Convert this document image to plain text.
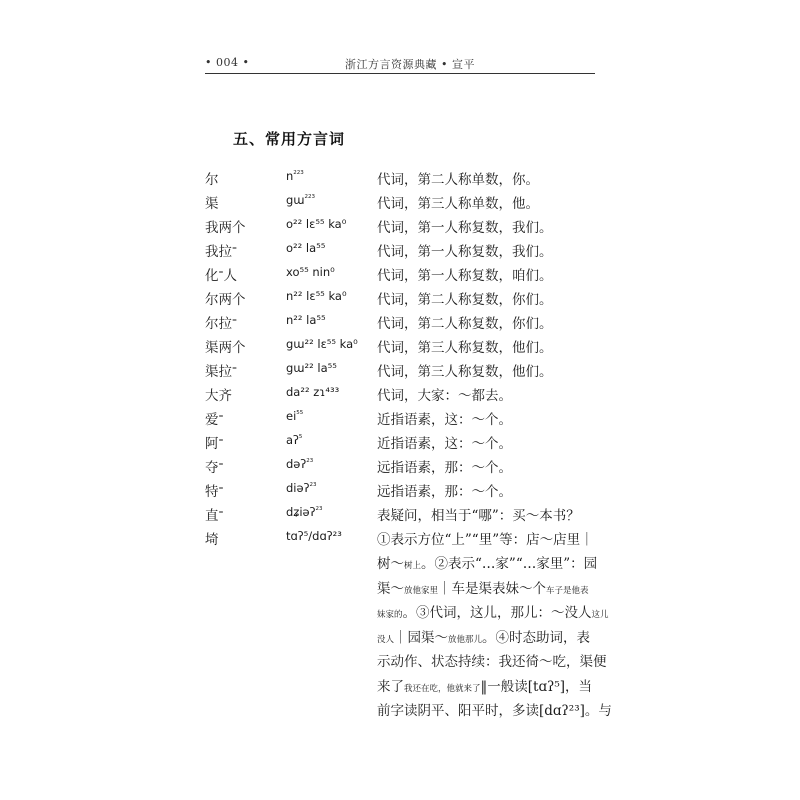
• 004 •	浙江方言资源典藏 • 宣平
五、常用方言词
尔	$n^{223}$	代词，第二人称单数，你。
渠	gɯ$^{223}$	代词，第三人称单数，他。
我两个	o²² lɛ⁵⁵ ka⁰ 代词，第一人称复数，我们。
我拉=	o²² la⁵⁵	代词，第一人称复数，我们。
化=人	xo⁵⁵ nin⁰	代词，第一人称复数，咱们。
尔两个	n²² lɛ⁵⁵ ka⁰ 代词，第二人称复数，你们。
尔拉=	n²² la⁵⁵	代词，第二人称复数，你们。
渠两个	gɯ²² lɛ⁵⁵ ka⁰ 代词，第三人称复数，他们。
渠拉=	gɯ²² la⁵⁵	代词，第三人称复数，他们。
大齐	da²² zɿ⁴³³	代词，大家：～都去。
爱=	$ei^{55}$	近指语素，这：～个。
阿=	aʔ$^5$	近指语素，这：～个。
夺=	dəʔ$^{23}$	远指语素，那：～个。
特=	diəʔ$^{23}$	远指语素，那：～个。
直=	dʑiəʔ$^{23}$	表疑问，相当于“哪”：买～本书？
埼	tɑʔ⁵/dɑʔ²³	①表示方位“上”“里”等：店～店里｜
树～树上。②表示“…家”“…家里”：园
渠～放他家里｜车是渠表妹～个车子是他表
妹家的。③代词，这儿，那儿：～没人这儿
没人｜园渠～放他那儿。④时态助词，表
示动作、状态持续：我还徛～吃，渠便
来了我还在吃，他就来了‖一般读[tɑʔ⁵]，当
前字读阴平、阳平时，多读[dɑʔ²³]。与
